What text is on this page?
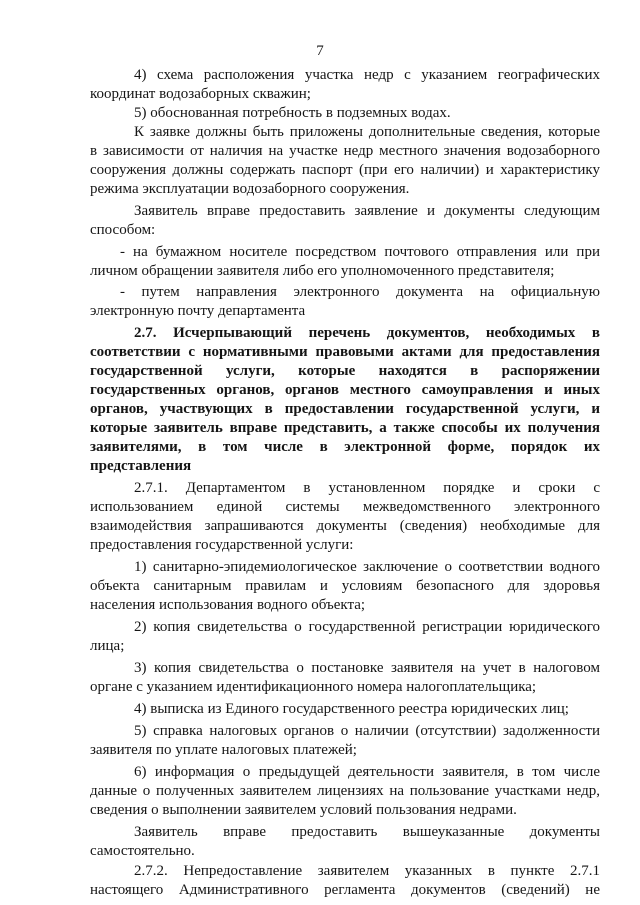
7
4) схема расположения участка недр с указанием географических
координат водозаборных скважин;
5) обоснованная потребность в подземных водах.
К заявке должны быть приложены дополнительные сведения, которые
в зависимости от наличия на участке недр местного значения водозаборного
сооружения должны содержать паспорт (при его наличии) и характеристику
режима эксплуатации водозаборного сооружения.
Заявитель вправе предоставить заявление и документы следующим
способом:
- на бумажном носителе посредством почтового отправления или при
личном обращении заявителя либо его уполномоченного представителя;
- путем направления электронного документа на официальную
электронную почту департамента
2.7. Исчерпывающий перечень документов, необходимых в
соответствии с нормативными правовыми актами для предоставления
государственной услуги, которые находятся в распоряжении
государственных органов, органов местного самоуправления и иных
органов, участвующих в предоставлении государственной услуги, и
которые заявитель вправе представить, а также способы их получения
заявителями, в том числе в электронной форме, порядок их
представления
2.7.1. Департаментом в установленном порядке и сроки с
использованием единой системы межведомственного электронного
взаимодействия запрашиваются документы (сведения) необходимые для
предоставления государственной услуги:
1) санитарно-эпидемиологическое заключение о соответствии водного
объекта санитарным правилам и условиям безопасного для здоровья
населения использования водного объекта;
2) копия свидетельства о государственной регистрации юридического
лица;
3) копия свидетельства о постановке заявителя на учет в налоговом
органе с указанием идентификационного номера налогоплательщика;
4) выписка из Единого государственного реестра юридических лиц;
5) справка налоговых органов о наличии (отсутствии) задолженности
заявителя по уплате налоговых платежей;
6) информация о предыдущей деятельности заявителя, в том числе
данные о полученных заявителем лицензиях на пользование участками недр,
сведения о выполнении заявителем условий пользования недрами.
Заявитель вправе предоставить вышеуказанные документы
самостоятельно.
2.7.2. Непредоставление заявителем указанных в пункте 2.7.1
настоящего Административного регламента документов (сведений) не
